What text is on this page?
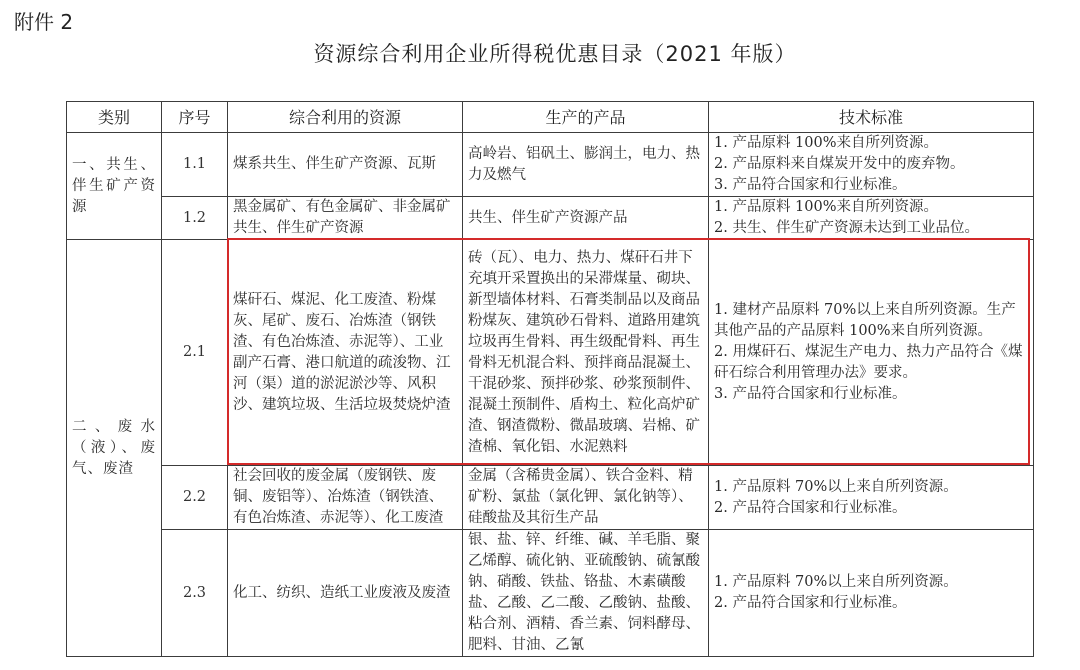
附件 2
资源综合利用企业所得税优惠目录（2021 年版）
类别	序号	综合利用的资源	生产的产品	技术标准
一、共生、伴生矿产资源	1.1	煤系共生、伴生矿产资源、瓦斯	高岭岩、铝矾土、膨润土，电力、热力及燃气	1. 产品原料 100%来自所列资源。
2. 产品原料来自煤炭开发中的废弃物。
3. 产品符合国家和行业标准。

	1.2	黑金属矿、有色金属矿、非金属矿共生、伴生矿产资源	共生、伴生矿产资源产品	1. 产品原料 100%来自所列资源。
2. 共生、伴生矿产资源未达到工业品位。

二、废水（液）、废气、废渣	2.1	煤矸石、煤泥、化工废渣、粉煤灰、尾矿、废石、冶炼渣（钢铁渣、有色冶炼渣、赤泥等）、工业副产石膏、港口航道的疏浚物、江河（渠）道的淤泥淤沙等、风积沙、建筑垃圾、生活垃圾焚烧炉渣	砖（瓦）、电力、热力、煤矸石井下充填开采置换出的呆滞煤量、砌块、新型墙体材料、石膏类制品以及商品粉煤灰、建筑砂石骨料、道路用建筑垃圾再生骨料、再生级配骨料、再生骨料无机混合料、预拌商品混凝土、干混砂浆、预拌砂浆、砂浆预制件、混凝土预制件、盾构土、粒化高炉矿渣、钢渣微粉、微晶玻璃、岩棉、矿渣棉、氧化铝、水泥熟料	1. 建材产品原料 70%以上来自所列资源。生产其他产品的产品原料 100%来自所列资源。
2. 用煤矸石、煤泥生产电力、热力产品符合《煤矸石综合利用管理办法》要求。
3. 产品符合国家和行业标准。

	2.2	社会回收的废金属（废钢铁、废铜、废铝等）、冶炼渣（钢铁渣、有色冶炼渣、赤泥等）、化工废渣	金属（含稀贵金属）、铁合金料、精矿粉、氯盐（氯化钾、氯化钠等）、硅酸盐及其衍生产品	1. 产品原料 70%以上来自所列资源。
2. 产品符合国家和行业标准。

	2.3	化工、纺织、造纸工业废液及废渣	银、盐、锌、纤维、碱、羊毛脂、聚乙烯醇、硫化钠、亚硫酸钠、硫氰酸钠、硝酸、铁盐、铬盐、木素磺酸盐、乙酸、乙二酸、乙酸钠、盐酸、粘合剂、酒精、香兰素、饲料酵母、肥料、甘油、乙氰	1. 产品原料 70%以上来自所列资源。
2. 产品符合国家和行业标准。
